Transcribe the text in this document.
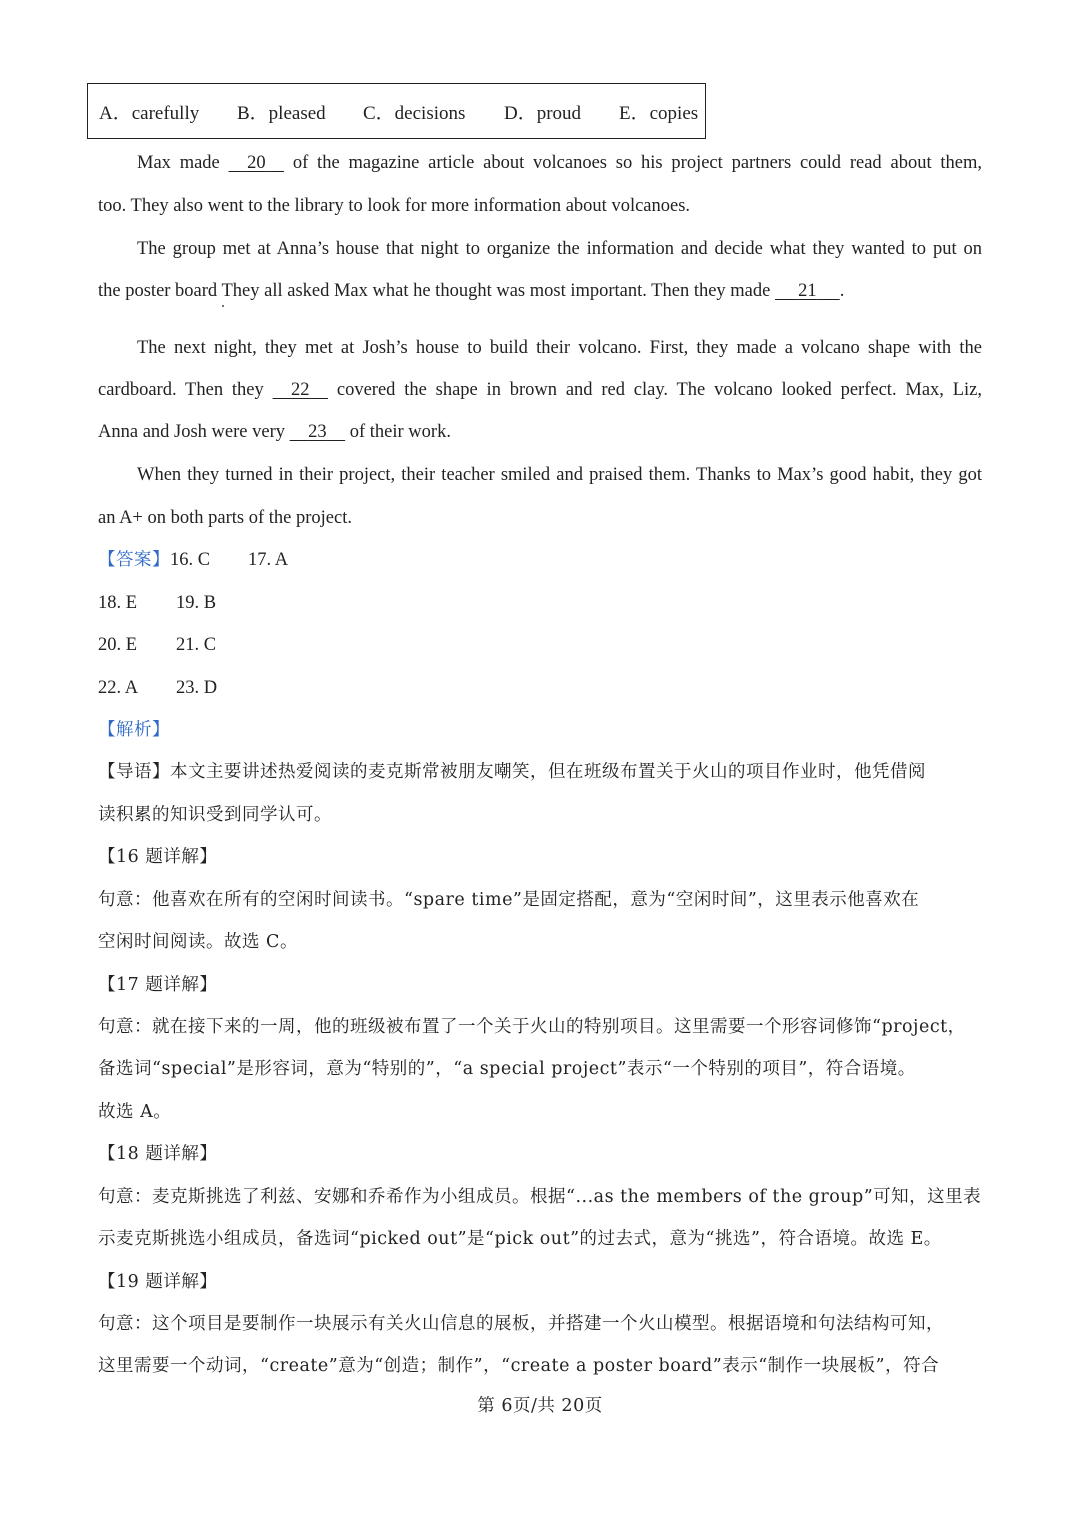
A．carefully	B．pleased	C．decisions	D．proud	E．copies
Max made     20     of the magazine article about volcanoes so his project partners could read about them,
too. They also went to the library to look for more information about volcanoes.
The group met at Anna’s house that night to organize the information and decide what they wanted to put on
the poster board They all asked Max what he thought was most important. Then they made      21 .
The next night, they met at Josh’s house to build their volcano. First, they made a volcano shape with the
cardboard. Then they     22     covered the shape in brown and red clay. The volcano looked perfect. Max, Liz,
Anna and Josh were very     23     of their work.
When they turned in their project, their teacher smiled and praised them. Thanks to Max’s good habit, they got
an A+ on both parts of the project.
【答案】16. C 17. A
18. E 19. B
20. E 21. C
22. A 23. D
【解析】
【导语】本文主要讲述热爱阅读的麦克斯常被朋友嘲笑，但在班级布置关于火山的项目作业时，他凭借阅
读积累的知识受到同学认可。
【16 题详解】
句意：他喜欢在所有的空闲时间读书。“spare time”是固定搭配，意为“空闲时间”，这里表示他喜欢在
空闲时间阅读。故选 C。
【17 题详解】
句意：就在接下来的一周，他的班级被布置了一个关于火山的特别项目。这里需要一个形容词修饰“project，
备选词“special”是形容词，意为“特别的”，“a special project”表示“一个特别的项目”，符合语境。
故选 A。
【18 题详解】
句意：麦克斯挑选了利兹、安娜和乔希作为小组成员。根据“...as the members of the group”可知，这里表
示麦克斯挑选小组成员，备选词“picked out”是“pick out”的过去式，意为“挑选”，符合语境。故选 E。
【19 题详解】
句意：这个项目是要制作一块展示有关火山信息的展板，并搭建一个火山模型。根据语境和句法结构可知，
这里需要一个动词，“create”意为“创造；制作”，“create a poster board”表示“制作一块展板”，符合
第 6页/共 20页
